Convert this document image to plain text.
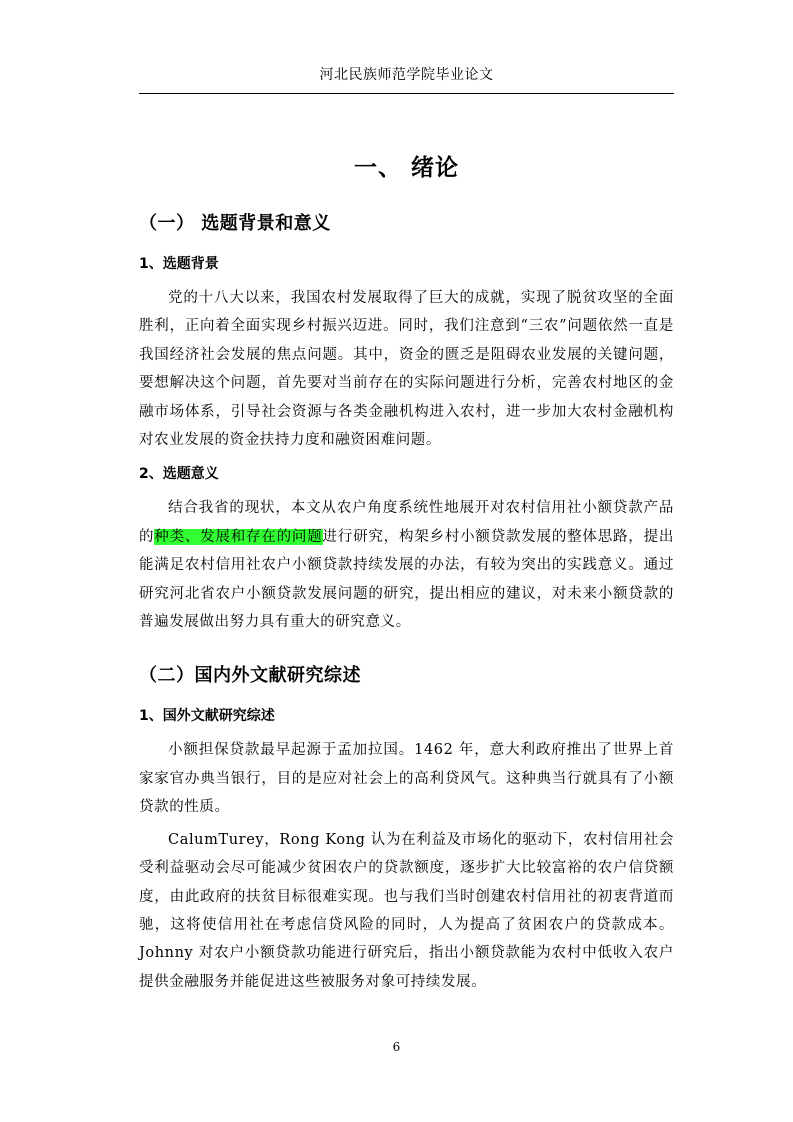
河北民族师范学院毕业论文
一、 绪论
（一） 选题背景和意义
1、选题背景

党的十八大以来，我国农村发展取得了巨大的成就，实现了脱贫攻坚的全面胜利，正向着全面实现乡村振兴迈进。同时，我们注意到“三农”问题依然一直是我国经济社会发展的焦点问题。其中，资金的匮乏是阻碍农业发展的关键问题，要想解决这个问题，首先要对当前存在的实际问题进行分析，完善农村地区的金融市场体系，引导社会资源与各类金融机构进入农村，进一步加大农村金融机构对农业发展的资金扶持力度和融资困难问题。

2、选题意义

结合我省的现状，本文从农户角度系统性地展开对农村信用社小额贷款产品的种类、发展和存在的问题进行研究，构架乡村小额贷款发展的整体思路，提出能满足农村信用社农户小额贷款持续发展的办法，有较为突出的实践意义。通过研究河北省农户小额贷款发展问题的研究，提出相应的建议，对未来小额贷款的普遍发展做出努力具有重大的研究意义。

（二）国内外文献研究综述
1、国外文献研究综述

小额担保贷款最早起源于孟加拉国。1462 年，意大利政府推出了世界上首家家官办典当银行，目的是应对社会上的高利贷风气。这种典当行就具有了小额贷款的性质。

CalumTurey，Rong Kong 认为在利益及市场化的驱动下，农村信用社会受利益驱动会尽可能减少贫困农户的贷款额度，逐步扩大比较富裕的农户信贷额度，由此政府的扶贫目标很难实现。也与我们当时创建农村信用社的初衷背道而驰，这将使信用社在考虑信贷风险的同时，人为提高了贫困农户的贷款成本。Johnny 对农户小额贷款功能进行研究后，指出小额贷款能为农村中低收入农户提供金融服务并能促进这些被服务对象可持续发展。

6
